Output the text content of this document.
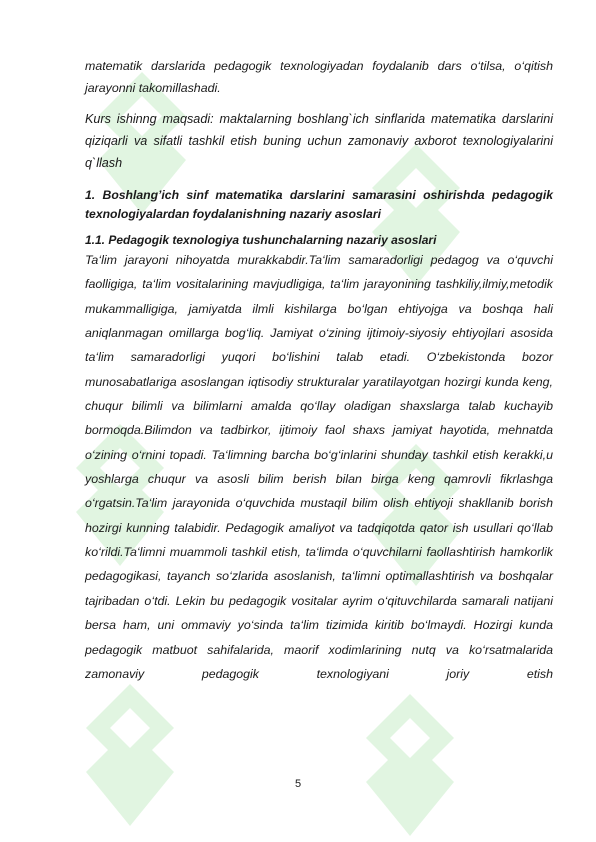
matematik darslarida pedagogik texnologiyadan foydalanib dars o‘tilsa, o‘qitish jarayonni takomillashadi.

Kurs ishinng maqsadi: maktalarning boshlang`ich sinflarida matematika darslarini qiziqarli va sifatli tashkil etish buning uchun zamonaviy axborot texnologiyalarini q`llash

1. Boshlang’ich sinf matematika darslarini samarasini oshirishda pedagogik texnologiyalardan foydalanishning nazariy asoslari

1.1. Pedagogik texnologiya tushunchalarning nazariy asoslari

Ta‘lim jarayoni nihoyatda murakkabdir.Ta‘lim samaradorligi pedagog va o‘quvchi faolligiga, ta‘lim vositalarining mavjudligiga, ta‘lim jarayonining tashkiliy,ilmiy,metodik mukammalligiga, jamiyatda ilmli kishilarga bo‘lgan ehtiyojga va boshqa hali aniqlanmagan omillarga bog‘liq. Jamiyat o‘zining ijtimoiy-siyosiy ehtiyojlari asosida ta‘lim samaradorligi yuqori bo‘lishini talab etadi. O‘zbekistonda bozor munosabatlariga asoslangan iqtisodiy strukturalar yaratilayotgan hozirgi kunda keng, chuqur bilimli va bilimlarni amalda qo‘llay oladigan shaxslarga talab kuchayib bormoqda.Bilimdon va tadbirkor, ijtimoiy faol shaxs jamiyat hayotida, mehnatda o‘zining o‘rnini topadi. Ta‘limning barcha bo‘g‘inlarini shunday tashkil etish kerakki,u yoshlarga chuqur va asosli bilim berish bilan birga keng qamrovli fikrlashga o‘rgatsin.Ta‘lim jarayonida o‘quvchida mustaqil bilim olish ehtiyoji shakllanib borish hozirgi kunning talabidir. Pedagogik amaliyot va tadqiqotda qator ish usullari qo‘llab ko‘rildi.Ta‘limni muammoli tashkil etish, ta‘limda o‘quvchilarni faollashtirish hamkorlik pedagogikasi, tayanch so‘zlarida asoslanish, ta‘limni optimallashtirish va boshqalar tajribadan o‘tdi. Lekin bu pedagogik vositalar ayrim o‘qituvchilarda samarali natijani bersa ham, uni ommaviy yo‘sinda ta‘lim tizimida kiritib bo‘lmaydi. Hozirgi kunda pedagogik matbuot sahifalarida, maorif xodimlarining nutq va ko‘rsatmalarida zamonaviy pedagogik texnologiyani joriy etish

5
